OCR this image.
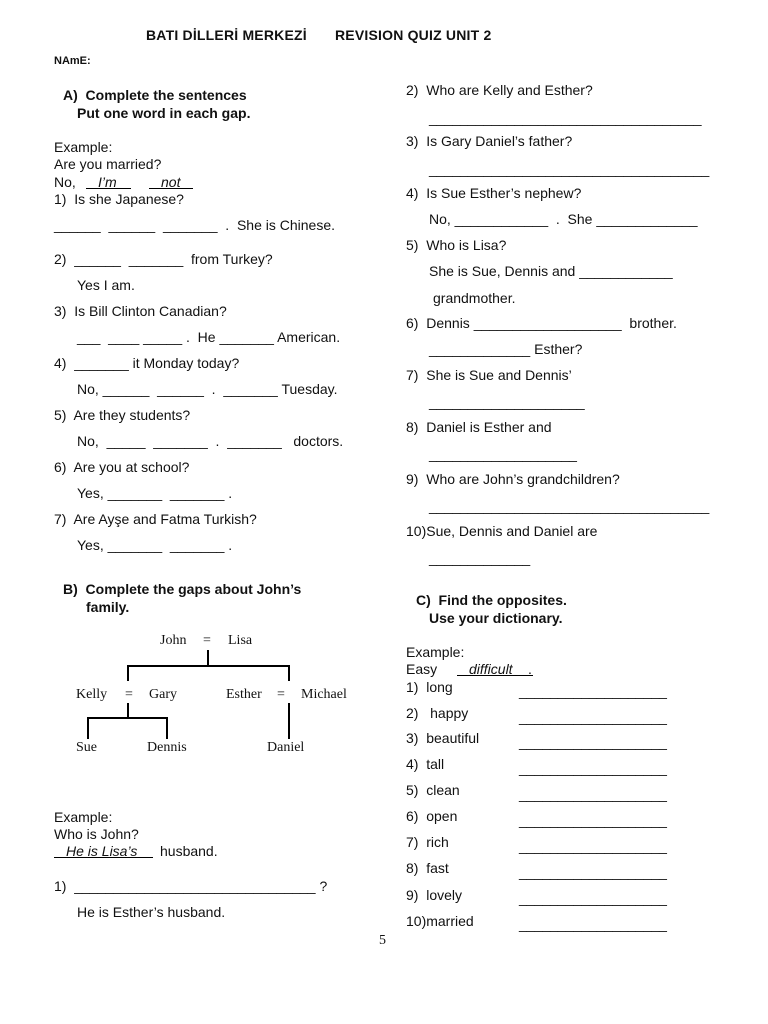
BATI DİLLERİ MERKEZİ REVISION QUIZ UNIT 2
NAmE:
A)  Complete the sentences
Put one word in each gap.
Example:
Are you married?
No,

I’m

	not

1)  Is she Japanese?
______  ______  _______  .  She is Chinese.
2)  ______  _______  from Turkey?
Yes I am.
3)  Is Bill Clinton Canadian?
___  ____ _____ .  He _______ American.
4)  _______ it Monday today?
No, ______  ______  .  _______ Tuesday.
5)  Are they students?
No,  _____  _______  .  _______   doctors.
6)  Are you at school?
Yes, _______  _______ .
7)  Are Ayşe and Fatma Turkish?
Yes, _______  _______ .
B)  Complete the gaps about John’s
family.
John = Lisa
Kelly = Gary	Esther = Michael
Sue	Dennis	Daniel
Example:
Who is John?

He is Lisa’s

husband.
1)  _______________________________ ?
He is Esther’s husband.
2)  Who are Kelly and Esther?
___________________________________
3)  Is Gary Daniel’s father?
____________________________________
4)  Is Sue Esther’s nephew?
No, ____________  .  She _____________
5)  Who is Lisa?
She is Sue, Dennis and ____________
grandmother.
6)  Dennis ___________________  brother.
_____________ Esther?
7)  She is Sue and Dennis’
____________________
8)  Daniel is Esther and
___________________
9)  Who are John’s grandchildren?
____________________________________
10)Sue, Dennis and Daniel are
_____________
C)  Find the opposites.
Use your dictionary.
Example:
Easy

difficult

.

1)  long	___________________
2)   happy	___________________
3)  beautiful	___________________
4)  tall	___________________
5)  clean	___________________
6)  open	___________________
7)  rich	___________________
8)  fast	___________________
9)  lovely	___________________
10)married	___________________
5
